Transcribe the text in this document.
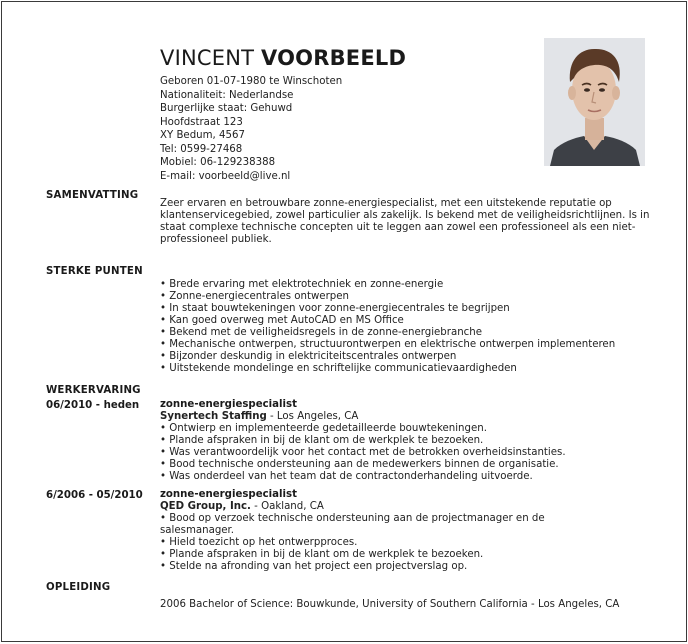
VINCENT VOORBEELD
Geboren 01-07-1980 te Winschoten
Nationaliteit: Nederlandse
Burgerlijke staat: Gehuwd
Hoofdstraat 123
XY Bedum, 4567
Tel: 0599-27468
Mobiel: 06-129238388
E-mail: voorbeeld@live.nl
SAMENVATTING
Zeer ervaren en betrouwbare zonne-energiespecialist, met een uitstekende reputatie op klantenservicegebied, zowel particulier als zakelijk. Is bekend met de veiligheidsrichtlijnen. Is in staat complexe technische concepten uit te leggen aan zowel een professioneel als een niet-professioneel publiek.
STERKE PUNTEN
• Brede ervaring met elektrotechniek en zonne-energie
• Zonne-energiecentrales ontwerpen
• In staat bouwtekeningen voor zonne-energiecentrales te begrijpen
• Kan goed overweg met AutoCAD en MS Office
• Bekend met de veiligheidsregels in de zonne-energiebranche
• Mechanische ontwerpen, structuurontwerpen en elektrische ontwerpen implementeren
• Bijzonder deskundig in elektriciteitscentrales ontwerpen
• Uitstekende mondelinge en schriftelijke communicatievaardigheden
WERKERVARING
06/2010 - heden zonne-energiespecialist
Synertech Staffing - Los Angeles, CA
• Ontwierp en implementeerde gedetailleerde bouwtekeningen.
• Plande afspraken in bij de klant om de werkplek te bezoeken.
• Was verantwoordelijk voor het contact met de betrokken overheidsinstanties.
• Bood technische ondersteuning aan de medewerkers binnen de organisatie.
• Was onderdeel van het team dat de contractonderhandeling uitvoerde.
6/2006 - 05/2010 zonne-energiespecialist
QED Group, Inc. - Oakland, CA
• Bood op verzoek technische ondersteuning aan de projectmanager en de salesmanager.
• Hield toezicht op het ontwerpproces.
• Plande afspraken in bij de klant om de werkplek te bezoeken.
• Stelde na afronding van het project een projectverslag op.
OPLEIDING
2006 Bachelor of Science: Bouwkunde, University of Southern California - Los Angeles, CA
